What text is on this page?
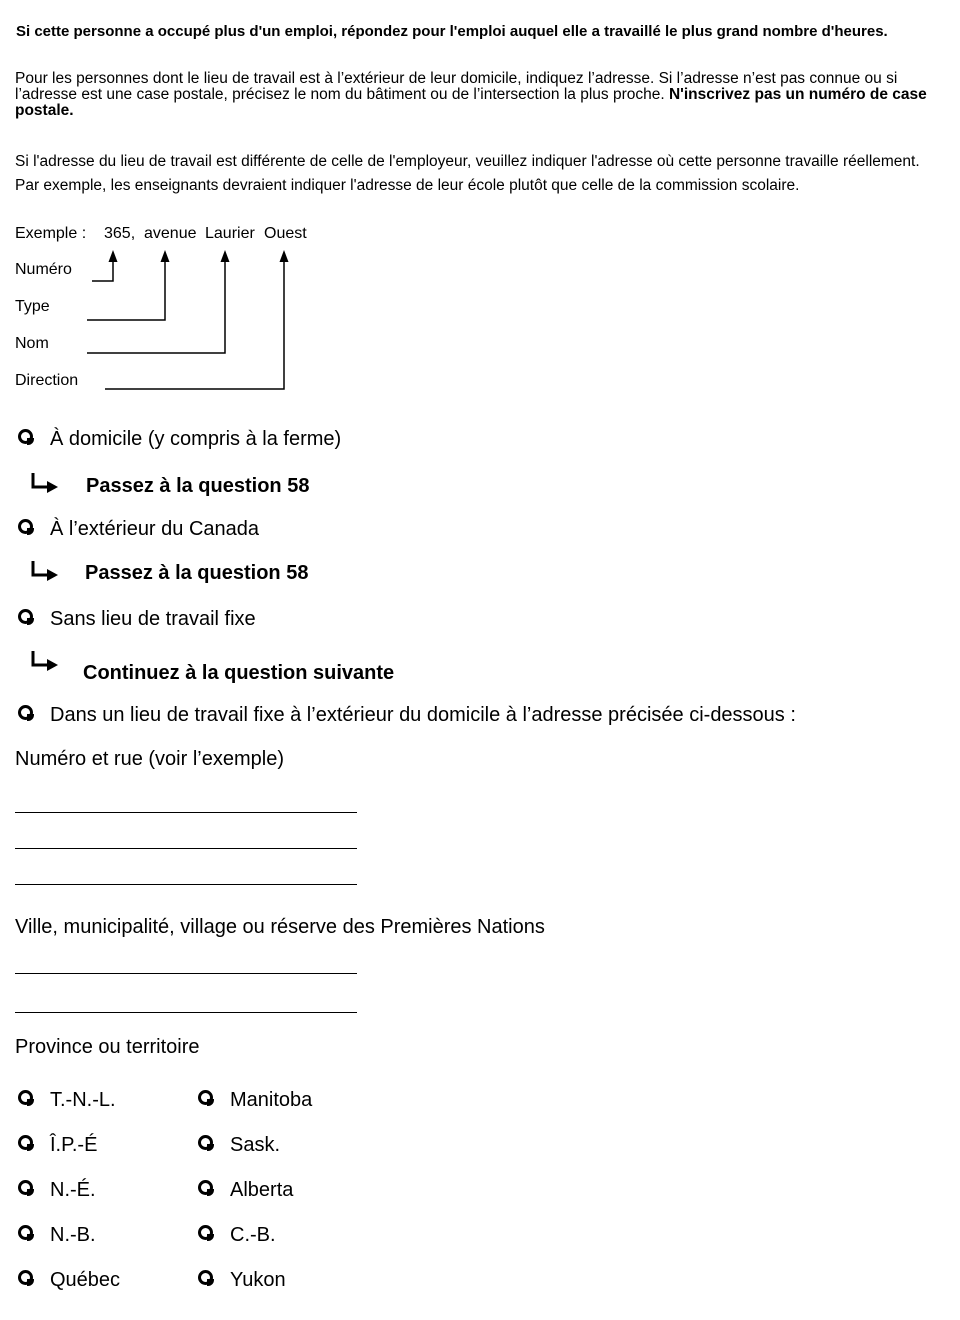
Si cette personne a occupé plus d'un emploi, répondez pour l'emploi auquel elle a travaillé le plus grand nombre d'heures.
Pour les personnes dont le lieu de travail est à l’extérieur de leur domicile, indiquez l’adresse. Si l’adresse n’est pas connue ou si l’adresse est une case postale, précisez le nom du bâtiment ou de l’intersection la plus proche. N'inscrivez pas un numéro de case postale.
Si l'adresse du lieu de travail est différente de celle de l'employeur, veuillez indiquer l'adresse où cette personne travaille réellement.
Par exemple, les enseignants devraient indiquer l'adresse de leur école plutôt que celle de la commission scolaire.
Exemple : 365, avenue Laurier Ouest
Numéro
Type
Nom
Direction
À domicile (y compris à la ferme)
Passez à la question 58
À l’extérieur du Canada
Passez à la question 58
Sans lieu de travail fixe
Continuez à la question suivante
Dans un lieu de travail fixe à l’extérieur du domicile à l’adresse précisée ci-dessous :
Numéro et rue (voir l’exemple)
Ville, municipalité, village ou réserve des Premières Nations
Province ou territoire
T.-N.-L.
Î.P.-É
N.-É.
N.-B.
Québec
Manitoba
Sask.
Alberta
C.-B.
Yukon
